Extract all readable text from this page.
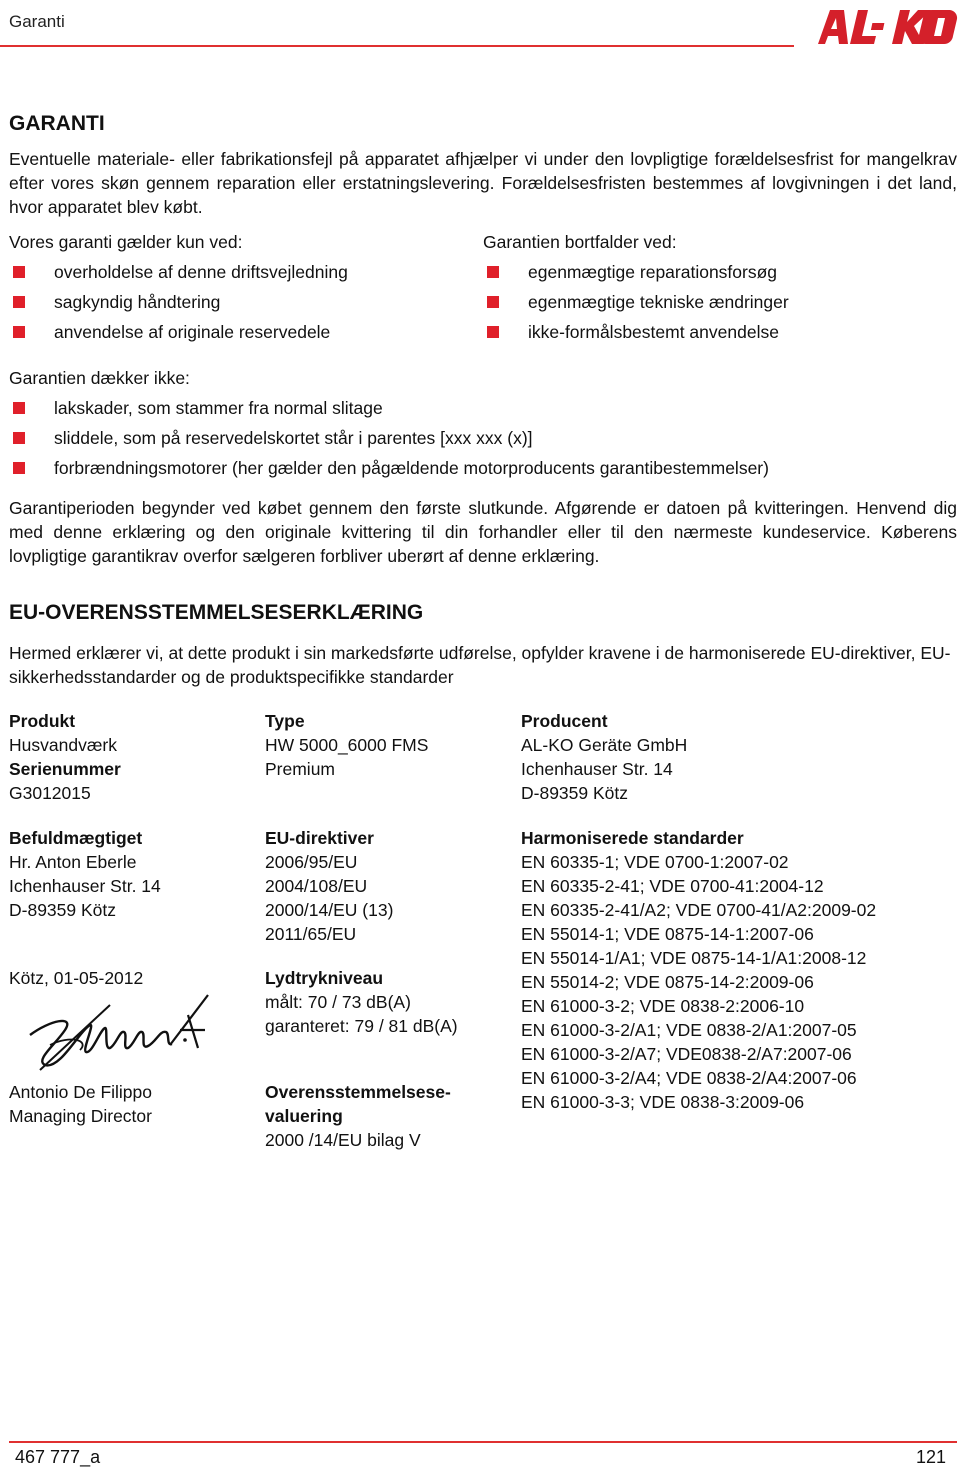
Garanti
GARANTI
Eventuelle materiale- eller fabrikationsfejl på apparatet afhjælper vi under den lovpligtige forældelsesfrist for mangelkrav efter vores skøn gennem reparation eller erstatningslevering. Forældelsesfristen bestemmes af lovgivningen i det land, hvor apparatet blev købt.
Vores garanti gælder kun ved:
overholdelse af denne driftsvejledning
sagkyndig håndtering
anvendelse af originale reservedele
Garantien bortfalder ved:
egenmægtige reparationsforsøg
egenmægtige tekniske ændringer
ikke-formålsbestemt anvendelse
Garantien dækker ikke:
lakskader, som stammer fra normal slitage
sliddele, som på reservedelskortet står i parentes [xxx xxx (x)]
forbrændningsmotorer (her gælder den pågældende motorproducents garantibestemmelser)
Garantiperioden begynder ved købet gennem den første slutkunde. Afgørende er datoen på kvitteringen. Henvend dig med denne erklæring og den originale kvittering til din forhandler eller til den nærmeste kundeservice. Køberens lovpligtige garantikrav overfor sælgeren forbliver uberørt af denne erklæring.
EU-OVERENSSTEMMELSESERKLÆRING
Hermed erklærer vi, at dette produkt i sin markedsførte udførelse, opfylder kravene i de harmoniserede EU-direktiver, EU-sikkerhedsstandarder og de produktspecifikke standarder
Produkt
Husvandværk
Serienummer
G3012015
Befuldmægtiget
Hr. Anton Eberle
Ichenhauser Str. 14
D-89359 Kötz
Kötz, 01-05-2012
Antonio De Filippo
Managing Director
Type
HW 5000_6000 FMS
Premium
EU-direktiver
2006/95/EU
2004/108/EU
2000/14/EU (13)
2011/65/EU
Lydtrykniveau
målt: 70 / 73 dB(A)
garanteret: 79 / 81 dB(A)
Overensstemmelsese-
valuering
2000 /14/EU bilag V
Producent
AL-KO Geräte GmbH
Ichenhauser Str. 14
D-89359 Kötz
Harmoniserede standarder
EN 60335-1; VDE 0700-1:2007-02
EN 60335-2-41; VDE 0700-41:2004-12
EN 60335-2-41/A2; VDE 0700-41/A2:2009-02
EN 55014-1; VDE 0875-14-1:2007-06
EN 55014-1/A1; VDE 0875-14-1/A1:2008-12
EN 55014-2; VDE 0875-14-2:2009-06
EN 61000-3-2; VDE 0838-2:2006-10
EN 61000-3-2/A1; VDE 0838-2/A1:2007-05
EN 61000-3-2/A7; VDE0838-2/A7:2007-06
EN 61000-3-2/A4; VDE 0838-2/A4:2007-06
EN 61000-3-3; VDE 0838-3:2009-06
467 777_a	121
